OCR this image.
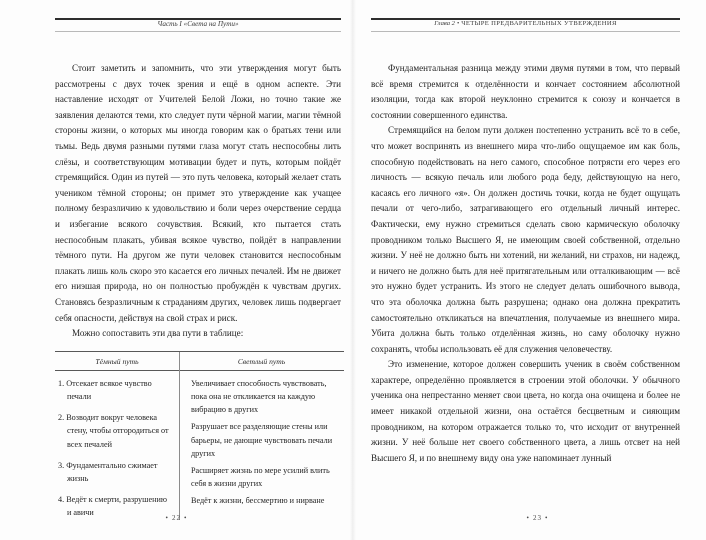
Часть I «Света на Пути»

Стоит заметить и запомнить, что эти утверждения могут быть рассмотрены с двух точек зрения и ещё в одном аспекте. Эти наставление исходят от Учителей Белой Ложи, но точно такие же заявления делаются теми, кто следует пути чёрной магии, магии тёмной стороны жизни, о которых мы иногда говорим как о братьях тени или тьмы. Ведь двумя разными путями глаза могут стать неспособны лить слёзы, и соответствующим мотивации будет и путь, которым пойдёт стремящийся. Один из путей — это путь человека, который желает стать учеником тёмной стороны; он примет это утверждение как учащее полному безразличию к удовольствию и боли через очерствение сердца и избегание всякого сочувствия. Всякий, кто пытается стать неспособным плакать, убивая всякое чувство, пойдёт в направлении тёмного пути. На другом же пути человек становится неспособным плакать лишь коль скоро это касается его личных печалей. Им не движет его ниэшая природа, но он полностью пробуждён к чувствам других. Становясь безразличным к страданиям других, человек лишь подвергает себя опасности, действуя на свой страх и риск.

Можно сопоставить эти два пути в таблице:

Тёмный путь	Светлый путь
1. Отсекает всякое чувство печали
2. Возводит вокруг человека стену, чтобы отгородиться от всех печалей
3. Фундаментально сжимает жизнь
4. Ведёт к смерти, разрушению и авичи
Увеличивает способность чувствовать, пока она не откликается на каждую вибрацию в других
Разрушает все разделяющие стены или барьеры, не дающие чувствовать печали других
Расширяет жизнь по мере усилий влить себя в жизни других
Ведёт к жизни, бессмертию и нирване
• 22 •
Глава 2 • ЧЕТЫРЕ ПРЕДВАРИТЕЛЬНЫХ УТВЕРЖДЕНИЯ

Фундаментальная разница между этими двумя путями в том, что первый всё время стремится к отделённости и кончает состоянием абсолютной изоляции, тогда как второй неуклонно стремится к союзу и кончается в состоянии совершенного единства.

Стремящийся на белом пути должен постепенно устранить всё то в себе, что может воспринять из внешнего мира что-либо ощущаемое им как боль, способную подействовать на него самого, способное потрясти его через его личность — всякую печаль или любого рода беду, действующую на него, касаясь его личного «я». Он должен достичь точки, когда не будет ощущать печали от чего-либо, затрагивающего его отдельный личный интерес. Фактически, ему нужно стремиться сделать свою кармическую оболочку проводником только Высшего Я, не имеющим своей собственной, отдельно жизни. У неё не должно быть ни хотений, ни желаний, ни страхов, ни надежд, и ничего не должно быть для неё притягательным или отталкивающим — всё это нужно будет устранить. Из этого не следует делать ошибочного вывода, что эта оболочка должна быть разрушена; однако она должна прекратить самостоятельно откликаться на впечатления, получаемые из внешнего мира. Убита должна быть только отделённая жизнь, но саму оболочку нужно сохранять, чтобы использовать её для служения человечеству.

Это изменение, которое должен совершить ученик в своём собственном характере, определённо проявляется в строении этой оболочки. У обычного ученика она непрестанно меняет свои цвета, но когда она очищена и более не имеет никакой отдельной жизни, она остаётся бесцветным и сияющим проводником, на котором отражается только то, что исходит от внутренней жизни. У неё больше нет своего собственного цвета, а лишь отсвет на ней Высшего Я, и по внешнему виду она уже напоминает лунный

• 23 •
